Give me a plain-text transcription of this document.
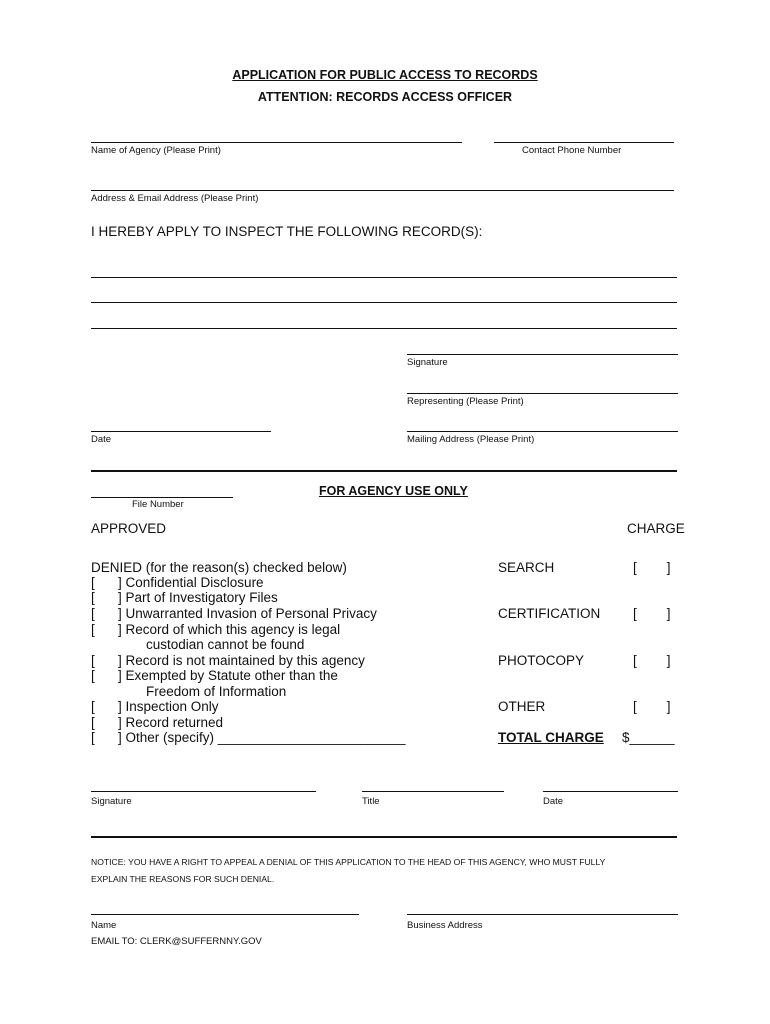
APPLICATION FOR PUBLIC ACCESS TO RECORDS
ATTENTION: RECORDS ACCESS OFFICER
Name of Agency (Please Print)	Contact Phone Number
Address & Email Address (Please Print)
I HEREBY APPLY TO INSPECT THE FOLLOWING RECORD(S):
Signature
Representing (Please Print)
Date	Mailing Address (Please Print)
File Number
FOR AGENCY USE ONLY
APPROVED	CHARGE
DENIED (for the reason(s) checked below)
[ ] Confidential Disclosure
[ ] Part of Investigatory Files
[ ] Unwarranted Invasion of Personal Privacy
[ ] Record of which this agency is legal
custodian cannot be found
[ ] Record is not maintained by this agency
[ ] Exempted by Statute other than the
Freedom of Information
[ ] Inspection Only
[ ] Record returned
[ ] Other (specify) _________________________
SEARCH	[        ]
CERTIFICATION [        ]
PHOTOCOPY	[        ]
OTHER	[        ]
TOTAL CHARGE $______
Signature	Title	Date
NOTICE: YOU HAVE A RIGHT TO APPEAL A DENIAL OF THIS APPLICATION TO THE HEAD OF THIS AGENCY, WHO MUST FULLY
EXPLAIN THE REASONS FOR SUCH DENIAL.
Name	Business Address
EMAIL TO: CLERK@SUFFERNNY.GOV
